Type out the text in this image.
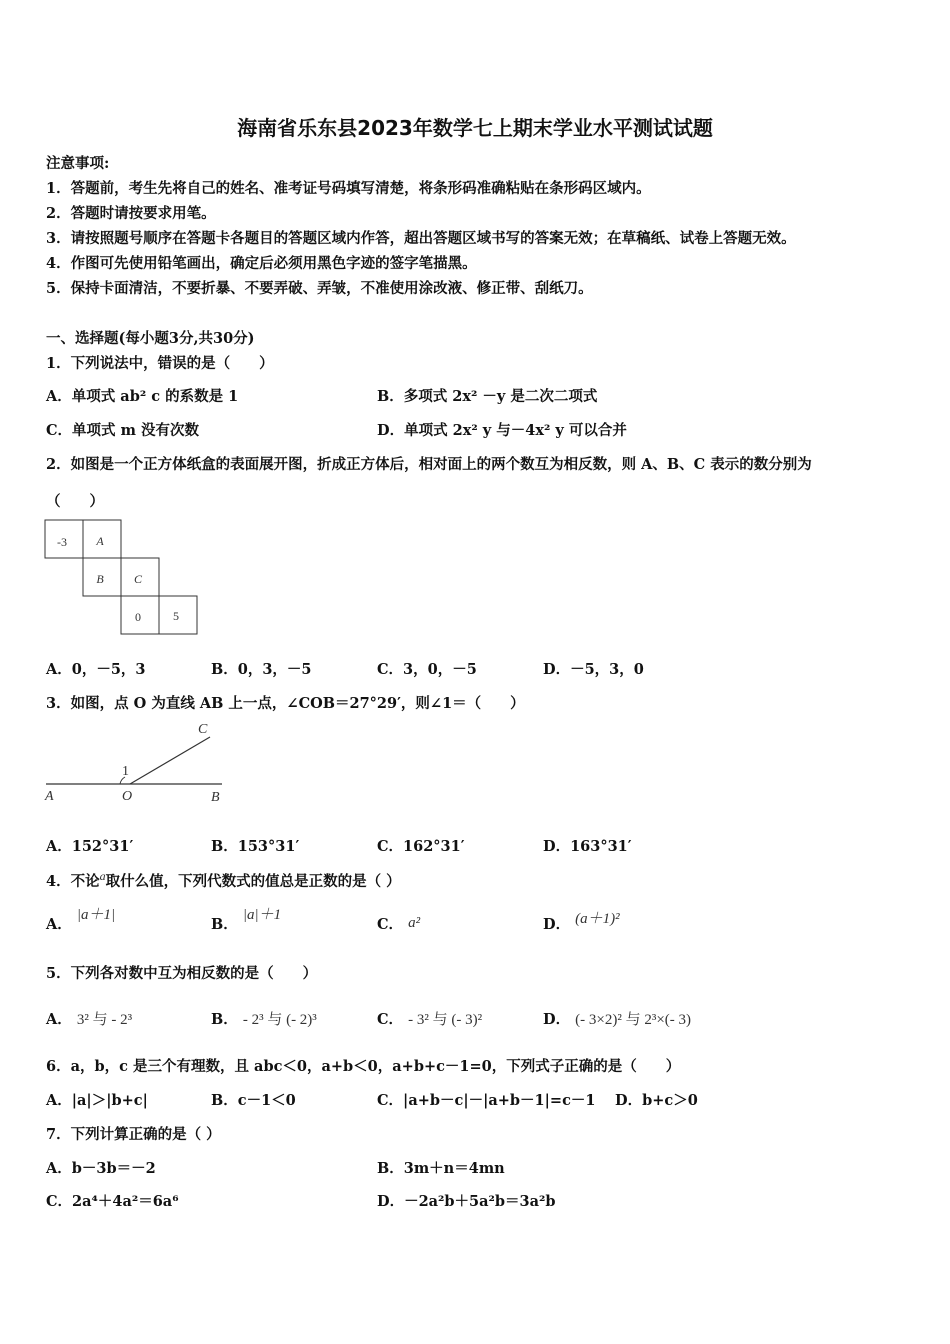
海南省乐东县2023年数学七上期末学业水平测试试题
注意事项:
1．答题前，考生先将自己的姓名、准考证号码填写清楚，将条形码准确粘贴在条形码区域内。
2．答题时请按要求用笔。
3．请按照题号顺序在答题卡各题目的答题区域内作答，超出答题区域书写的答案无效；在草稿纸、试卷上答题无效。
4．作图可先使用铅笔画出，确定后必须用黑色字迹的签字笔描黑。
5．保持卡面清洁，不要折暴、不要弄破、弄皱，不准使用涂改液、修正带、刮纸刀。
一、选择题(每小题3分,共30分)
1．下列说法中，错误的是（　　）
A．单项式 ab² c 的系数是 1	B．多项式 2x² －y 是二次二项式
C．单项式 m 没有次数	D．单项式 2x² y 与－4x² y 可以合并
2．如图是一个正方体纸盒的表面展开图，折成正方体后，相对面上的两个数互为相反数，则 A、B、C 表示的数分别为
（　　）
-3 A
B	C
0	5
A．0，－5，3	B．0，3，－5	C．3，0，－5	D．－5，3，0
3．如图，点 O 为直线 AB 上一点，∠COB＝27°29′，则∠1＝（　　）
C
1
A	O	B
A．152°31′	B．153°31′	C．162°31′	D．163°31′
4．不论$^a$取什么值，下列代数式的值总是正数的是（ ）
A． |a＋1|
B． |a|＋1
C． a²	D． (a＋1)²
5．下列各对数中互为相反数的是（　　）
A． 3² 与 - 2³	B． - 2³ 与 (- 2)³	C． - 3² 与 (- 3)²	D． (- 3×2)² 与 2³×(- 3)
6．a，b，c 是三个有理数，且 abc＜0，a+b＜0，a+b+c－1=0，下列式子正确的是（　　）
A．|a|＞|b+c|	B．c－1＜0	C．|a+b－c|－|a+b－1|=c－1 D．b+c＞0
7．下列计算正确的是（ ）
A．b－3b＝－2	B．3m＋n＝4mn
C．2a⁴＋4a²＝6a⁶	D．－2a²b＋5a²b＝3a²b
